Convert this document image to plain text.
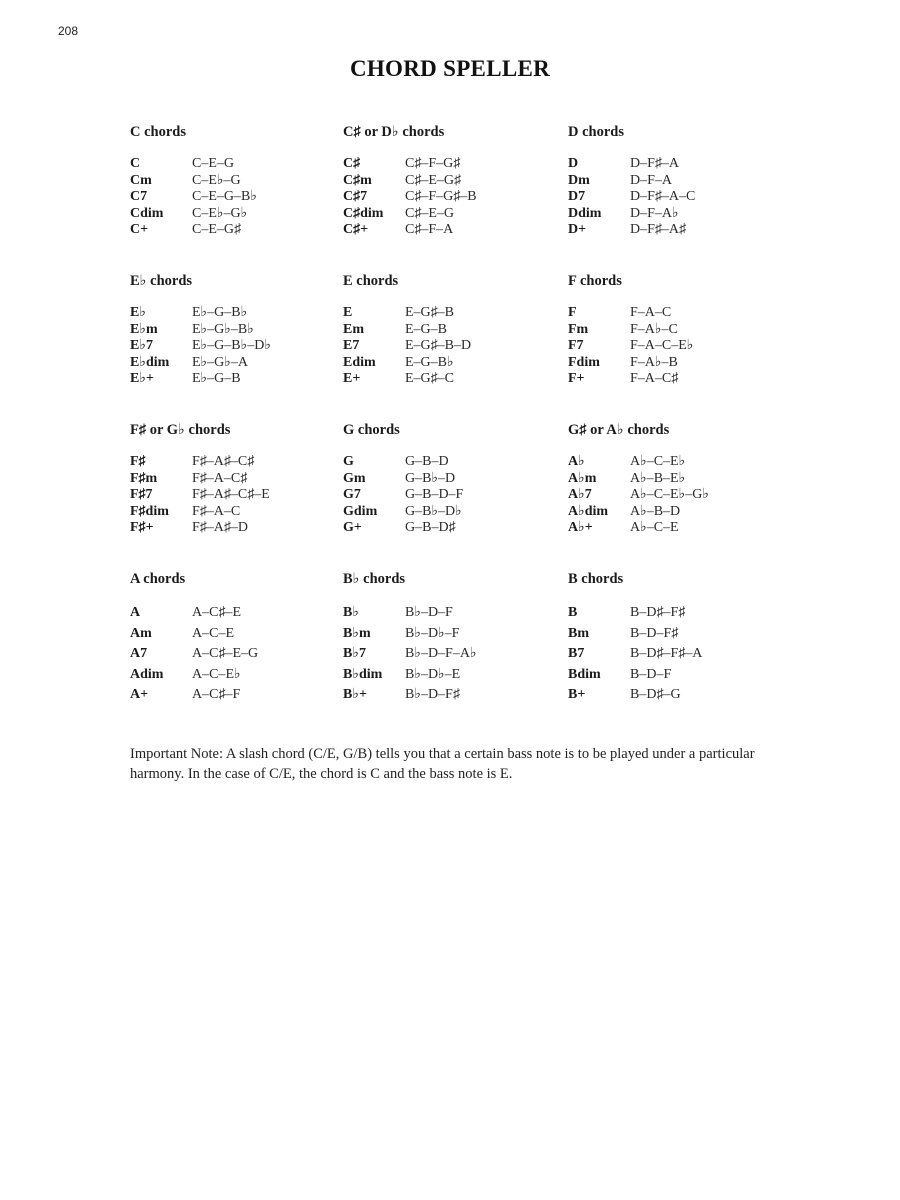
208
CHORD SPELLER
C chords
C	C–E–G
Cm	C–E♭–G
C7	C–E–G–B♭
Cdim	C–E♭–G♭
C+	C–E–G♯
C♯ or D♭ chords
C♯	C♯–F–G♯
C♯m	C♯–E–G♯
C♯7	C♯–F–G♯–B
C♯dim	C♯–E–G
C♯+	C♯–F–A
D chords
D	D–F♯–A
Dm	D–F–A
D7	D–F♯–A–C
Ddim	D–F–A♭
D+	D–F♯–A♯
E♭ chords
E♭	E♭–G–B♭
E♭m	E♭–G♭–B♭
E♭7	E♭–G–B♭–D♭
E♭dim	E♭–G♭–A
E♭+	E♭–G–B
E chords
E	E–G♯–B
Em	E–G–B
E7	E–G♯–B–D
Edim	E–G–B♭
E+	E–G♯–C
F chords
F	F–A–C
Fm	F–A♭–C
F7	F–A–C–E♭
Fdim	F–A♭–B
F+	F–A–C♯
F♯ or G♭ chords
F♯	F♯–A♯–C♯
F♯m	F♯–A–C♯
F♯7	F♯–A♯–C♯–E
F♯dim	F♯–A–C
F♯+	F♯–A♯–D
G chords
G	G–B–D
Gm	G–B♭–D
G7	G–B–D–F
Gdim	G–B♭–D♭
G+	G–B–D♯
G♯ or A♭ chords
A♭	A♭–C–E♭
A♭m	A♭–B–E♭
A♭7	A♭–C–E♭–G♭
A♭dim	A♭–B–D
A♭+	A♭–C–E
A chords
A	A–C♯–E
Am	A–C–E
A7	A–C♯–E–G
Adim	A–C–E♭
A+	A–C♯–F
B♭ chords
B♭	B♭–D–F
B♭m	B♭–D♭–F
B♭7	B♭–D–F–A♭
B♭dim	B♭–D♭–E
B♭+	B♭–D–F♯
B chords
B	B–D♯–F♯
Bm	B–D–F♯
B7	B–D♯–F♯–A
Bdim	B–D–F
B+	B–D♯–G
Important Note: A slash chord (C/E, G/B) tells you that a certain bass note is to be played under a particular harmony. In the case of C/E, the chord is C and the bass note is E.
